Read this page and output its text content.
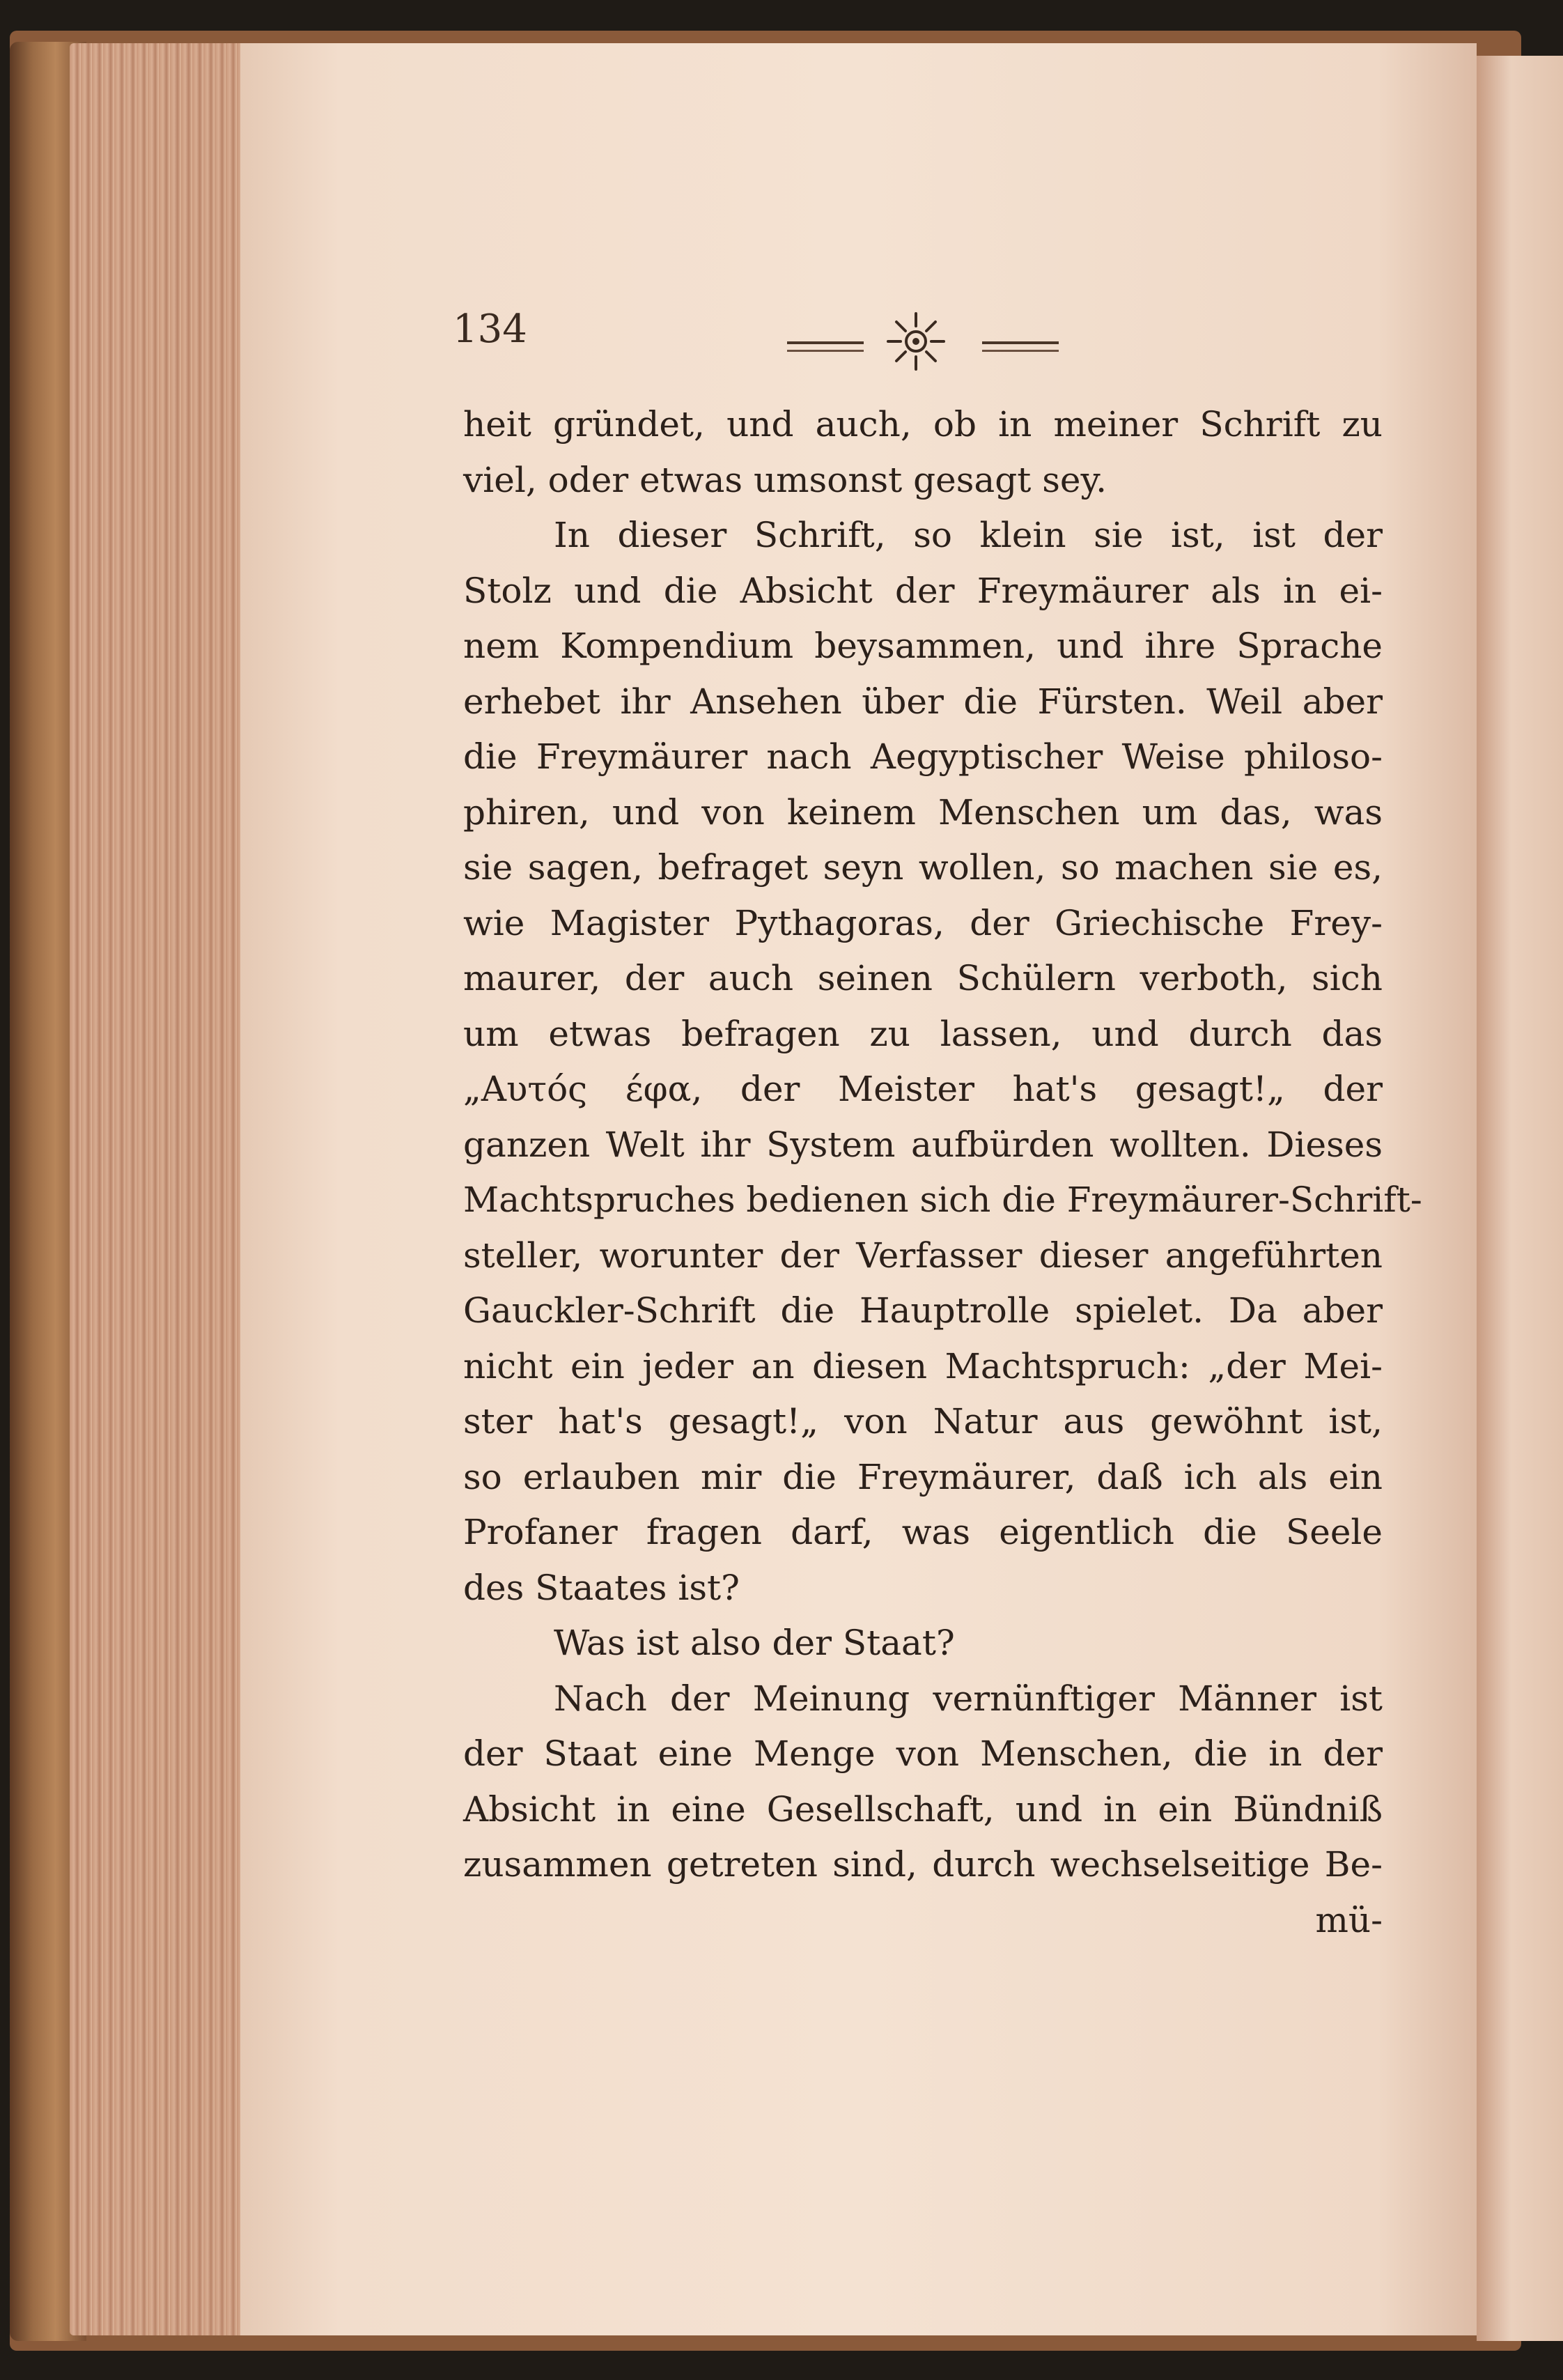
134
heit gründet, und auch, ob in meiner Schrift zu
viel, oder etwas umsonst gesagt sey.
In dieser Schrift, so klein sie ist, ist der
Stolz und die Absicht der Freymäurer als in ei-
nem Kompendium beysammen, und ihre Sprache
erhebet ihr Ansehen über die Fürsten. Weil aber
die Freymäurer nach Aegyptischer Weise philoso-
phiren, und von keinem Menschen um das, was
sie sagen, befraget seyn wollen, so machen sie es,
wie Magister Pythagoras, der Griechische Frey-
maurer, der auch seinen Schülern verboth, sich
um etwas befragen zu lassen, und durch das
„Αυτός έφα, der Meister hat's gesagt!„ der
ganzen Welt ihr System aufbürden wollten. Dieses
Machtspruches bedienen sich die Freymäurer-Schrift-
steller, worunter der Verfasser dieser angeführten
Gauckler-Schrift die Hauptrolle spielet. Da aber
nicht ein jeder an diesen Machtspruch: „der Mei-
ster hat's gesagt!„ von Natur aus gewöhnt ist,
so erlauben mir die Freymäurer, daß ich als ein
Profaner fragen darf, was eigentlich die Seele
des Staates ist?
Was ist also der Staat?
Nach der Meinung vernünftiger Männer ist
der Staat eine Menge von Menschen, die in der
Absicht in eine Gesellschaft, und in ein Bündniß
zusammen getreten sind, durch wechselseitige Be-
mü-
